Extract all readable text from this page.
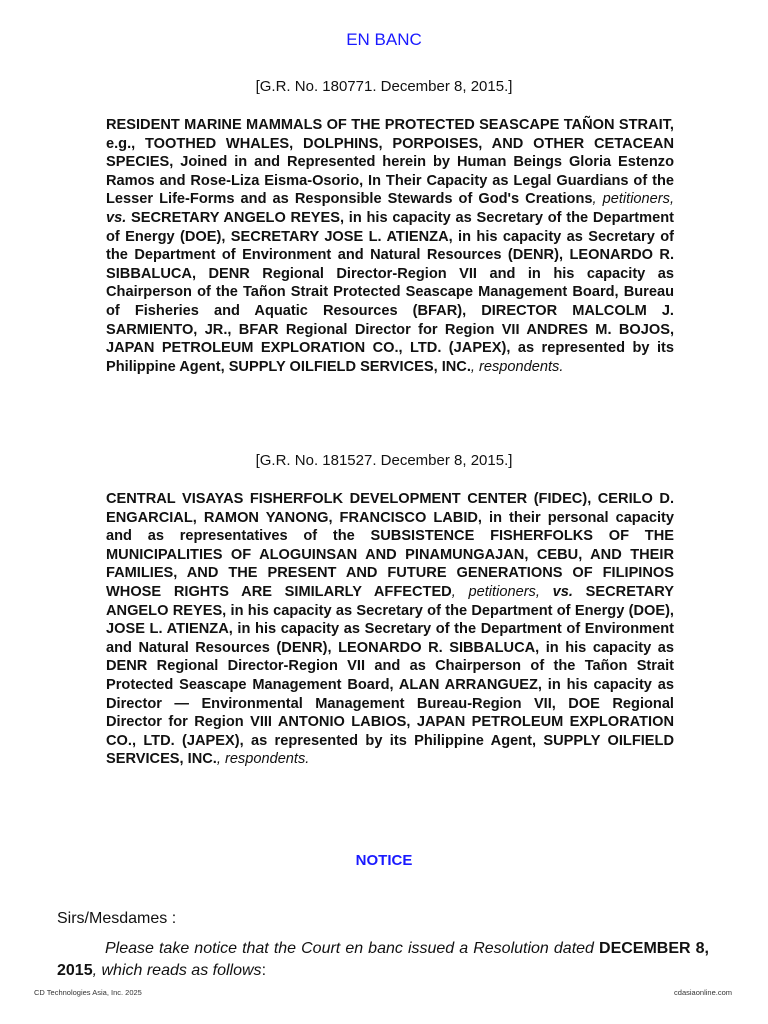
EN BANC
[G.R. No. 180771. December 8, 2015.]
RESIDENT MARINE MAMMALS OF THE PROTECTED SEASCAPE TAÑON STRAIT, e.g., TOOTHED WHALES, DOLPHINS, PORPOISES, AND OTHER CETACEAN SPECIES, Joined in and Represented herein by Human Beings Gloria Estenzo Ramos and Rose-Liza Eisma-Osorio, In Their Capacity as Legal Guardians of the Lesser Life-Forms and as Responsible Stewards of God's Creations, petitioners, vs. SECRETARY ANGELO REYES, in his capacity as Secretary of the Department of Energy (DOE), SECRETARY JOSE L. ATIENZA, in his capacity as Secretary of the Department of Environment and Natural Resources (DENR), LEONARDO R. SIBBALUCA, DENR Regional Director-Region VII and in his capacity as Chairperson of the Tañon Strait Protected Seascape Management Board, Bureau of Fisheries and Aquatic Resources (BFAR), DIRECTOR MALCOLM J. SARMIENTO, JR., BFAR Regional Director for Region VII ANDRES M. BOJOS, JAPAN PETROLEUM EXPLORATION CO., LTD. (JAPEX), as represented by its Philippine Agent, SUPPLY OILFIELD SERVICES, INC., respondents.
[G.R. No. 181527. December 8, 2015.]
CENTRAL VISAYAS FISHERFOLK DEVELOPMENT CENTER (FIDEC), CERILO D. ENGARCIAL, RAMON YANONG, FRANCISCO LABID, in their personal capacity and as representatives of the SUBSISTENCE FISHERFOLKS OF THE MUNICIPALITIES OF ALOGUINSAN AND PINAMUNGAJAN, CEBU, AND THEIR FAMILIES, AND THE PRESENT AND FUTURE GENERATIONS OF FILIPINOS WHOSE RIGHTS ARE SIMILARLY AFFECTED, petitioners, vs. SECRETARY ANGELO REYES, in his capacity as Secretary of the Department of Energy (DOE), JOSE L. ATIENZA, in his capacity as Secretary of the Department of Environment and Natural Resources (DENR), LEONARDO R. SIBBALUCA, in his capacity as DENR Regional Director-Region VII and as Chairperson of the Tañon Strait Protected Seascape Management Board, ALAN ARRANGUEZ, in his capacity as Director — Environmental Management Bureau-Region VII, DOE Regional Director for Region VIII ANTONIO LABIOS, JAPAN PETROLEUM EXPLORATION CO., LTD. (JAPEX), as represented by its Philippine Agent, SUPPLY OILFIELD SERVICES, INC., respondents.
NOTICE
Sirs/Mesdames :
Please take notice that the Court en banc issued a Resolution dated DECEMBER 8, 2015, which reads as follows:
CD Technologies Asia, Inc. 2025	cdasiaonline.com
